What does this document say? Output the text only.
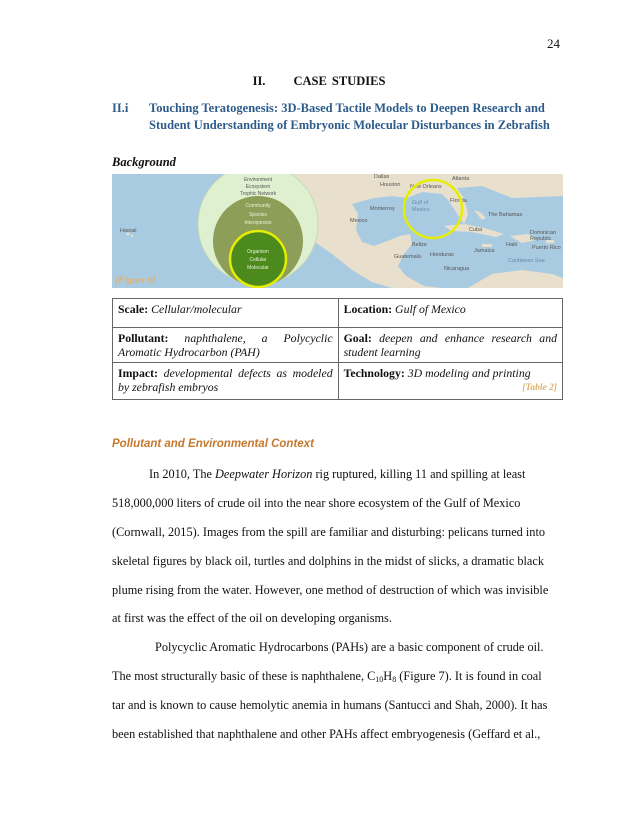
24
II. CASE STUDIES
II.i Touching Teratogenesis: 3D-Based Tactile Models to Deepen Research and
Student Understanding of Embryonic Molecular Disturbances in Zebrafish
Background
Hawaii
Mexico
Gulf of
Mexico
Cuba
Guatemala
Belize
Honduras
Nicaragua
Dominican
Republic
Puerto Rico
Jamaica
Haiti
The Bahamas
Caribbean Sea
Monterrey
Houston
Dallas
New Orleans
Atlanta
Florida
Environment
Ecosystem
Trophic Network
Community
Species
Interspecies
Organism
Cellular
Molecular
[Figure 6]
Scale: Cellular/molecular	Location: Gulf of Mexico
Pollutant: naphthalene, a Polycyclic Aromatic Hydrocarbon (PAH)	Goal: deepen and enhance research and student learning
Impact: developmental defects as modeled by zebrafish embryos	Technology: 3D modeling and printing
[Table 2]
Pollutant and Environmental Context
In 2010, The Deepwater Horizon rig ruptured, killing 11 and spilling at least
518,000,000 liters of crude oil into the near shore ecosystem of the Gulf of Mexico
(Cornwall, 2015). Images from the spill are familiar and disturbing: pelicans turned into
skeletal figures by black oil, turtles and dolphins in the midst of slicks, a dramatic black
plume rising from the water. However, one method of destruction of which was invisible
at first was the effect of the oil on developing organisms.
Polycyclic Aromatic Hydrocarbons (PAHs) are a basic component of crude oil.
The most structurally basic of these is naphthalene, $C_{10}H_8$ (Figure 7). It is found in coal
tar and is known to cause hemolytic anemia in humans (Santucci and Shah, 2000). It has
been established that naphthalene and other PAHs affect embryogenesis (Geffard et al.,
